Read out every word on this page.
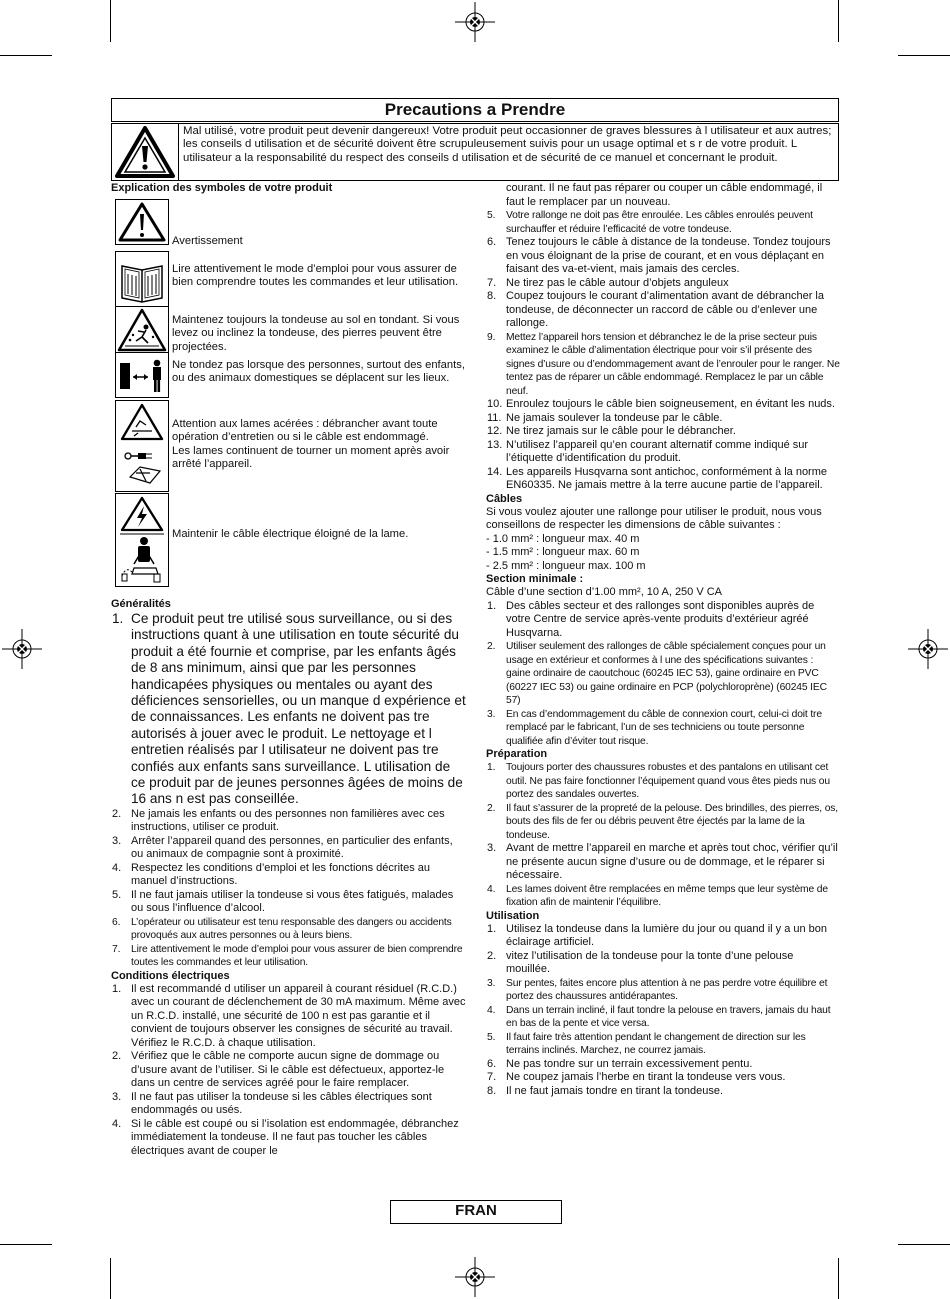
Precautions a Prendre
Mal utilisé, votre produit peut devenir dangereux! Votre produit peut occasionner de graves blessures à l utilisateur et aux autres; les conseils d utilisation et de sécurité doivent être scrupuleusement suivis pour un usage optimal et s r de votre produit. L utilisateur a la responsabilité du respect des conseils d utilisation et de sécurité de ce manuel et concernant le produit.
Explication des symboles de votre produit
Avertissement
Lire attentivement le mode d’emploi pour vous assurer de bien comprendre toutes les commandes et leur utilisation.
Maintenez toujours la tondeuse au sol en tondant. Si vous levez ou inclinez la tondeuse, des pierres peuvent être projectées.
Ne tondez pas lorsque des personnes, surtout des enfants, ou des animaux domestiques se déplacent sur les lieux.
Attention aux lames acérées : débrancher avant toute opération d’entretien ou si le câble est endommagé.
Les lames continuent de tourner un moment après avoir arrêté l’appareil.
Maintenir le câble électrique éloigné de la lame.
Généralités
1. Ce produit peut tre utilisé sous surveillance, ou si des instructions quant à une utilisation en toute sécurité du produit a été fournie et comprise, par les enfants âgés de 8 ans minimum, ainsi que par les personnes handicapées physiques ou mentales ou ayant des déficiences sensorielles, ou un manque d expérience et de connaissances. Les enfants ne doivent pas tre autorisés à jouer avec le produit. Le nettoyage et l entretien réalisés par l utilisateur ne doivent pas tre confiés aux enfants sans surveillance. L utilisation de ce produit par de jeunes personnes âgées de moins de 16 ans n est pas conseillée.
2. Ne jamais les enfants ou des personnes non familières avec ces instructions, utiliser ce produit.
3. Arrêter l’appareil quand des personnes, en particulier des enfants, ou animaux de compagnie sont à proximité.
4. Respectez les conditions d’emploi et les fonctions décrites au manuel d’instructions.
5. Il ne faut jamais utiliser la tondeuse si vous êtes fatigués, malades ou sous l’influence d’alcool.
6. L’opérateur ou utilisateur est tenu responsable des dangers ou accidents provoqués aux autres personnes ou à leurs biens.
7. Lire attentivement le mode d’emploi pour vous assurer de bien comprendre toutes les commandes et leur utilisation.
Conditions électriques
1. Il est recommandé d utiliser un appareil à courant résiduel (R.C.D.) avec un courant de déclenchement de 30 mA maximum. Même avec un R.C.D. installé, une sécurité de 100 n est pas garantie et il convient de toujours observer les consignes de sécurité au travail. Vérifiez le R.C.D. à chaque utilisation.
2. Vérifiez que le câble ne comporte aucun signe de dommage ou d’usure avant de l’utiliser. Si le câble est défectueux, apportez-le dans un centre de services agréé pour le faire remplacer.
3. Il ne faut pas utiliser la tondeuse si les câbles électriques sont endommagés ou usés.
4. Si le câble est coupé ou si l’isolation est endommagée, débranchez immédiatement la tondeuse. Il ne faut pas toucher les câbles électriques avant de couper le
courant. Il ne faut pas réparer ou couper un câble endommagé, il faut le remplacer par un nouveau.
5. Votre rallonge ne doit pas être enroulée. Les câbles enroulés peuvent surchauffer et réduire l’efficacité de votre tondeuse.
6. Tenez toujours le câble à distance de la tondeuse. Tondez toujours en vous éloignant de la prise de courant, et en vous déplaçant en faisant des va-et-vient, mais jamais des cercles.
7. Ne tirez pas le câble autour d’objets anguleux
8. Coupez toujours le courant d’alimentation avant de débrancher la tondeuse, de déconnecter un raccord de câble ou d’enlever une rallonge.
9. Mettez l’appareil hors tension et débranchez le de la prise secteur puis examinez le câble d’alimentation électrique pour voir s’il présente des signes d’usure ou d’endommagement avant de l’enrouler pour le ranger. Ne tentez pas de réparer un câble endommagé. Remplacez le par un câble neuf.
10. Enroulez toujours le câble bien soigneusement, en évitant les nuds.
11. Ne jamais soulever la tondeuse par le câble.
12. Ne tirez jamais sur le câble pour le débrancher.
13. N’utilisez l’appareil qu’en courant alternatif comme indiqué sur l’étiquette d’identification du produit.
14. Les appareils Husqvarna sont antichoc, conformément à la norme EN60335. Ne jamais mettre à la terre aucune partie de l’appareil.
Câbles
Si vous voulez ajouter une rallonge pour utiliser le produit, nous vous conseillons de respecter les dimensions de câble suivantes :
- 1.0 mm² : longueur max. 40 m
- 1.5 mm² : longueur max. 60 m
- 2.5 mm² : longueur max. 100 m
Section minimale :
Câble d’une section d’1.00 mm², 10 A, 250 V CA
1. Des câbles secteur et des rallonges sont disponibles auprès de votre Centre de service après-vente produits d’extérieur agréé Husqvarna.
2. Utiliser seulement des rallonges de câble spécialement conçues pour un usage en extérieur et conformes à l une des spécifications suivantes : gaine ordinaire de caoutchouc (60245 IEC 53), gaine ordinaire en PVC (60227 IEC 53) ou gaine ordinaire en PCP (polychloroprène) (60245 IEC 57)
3. En cas d’endommagement du câble de connexion court, celui-ci doit tre remplacé par le fabricant, l’un de ses techniciens ou toute personne qualifiée afin d’éviter tout risque.
Préparation
1. Toujours porter des chaussures robustes et des pantalons en utilisant cet outil. Ne pas faire fonctionner l’équipement quand vous êtes pieds nus ou portez des sandales ouvertes.
2. Il faut s’assurer de la propreté de la pelouse. Des brindilles, des pierres, os, bouts des fils de fer ou débris peuvent être éjectés par la lame de la tondeuse.
3. Avant de mettre l’appareil en marche et après tout choc, vérifier qu’il ne présente aucun signe d’usure ou de dommage, et le réparer si nécessaire.
4. Les lames doivent être remplacées en même temps que leur système de fixation afin de maintenir l’équilibre.
Utilisation
1. Utilisez la tondeuse dans la lumière du jour ou quand il y a un bon éclairage artificiel.
2. vitez l’utilisation de la tondeuse pour la tonte d’une pelouse mouillée.
3. Sur pentes, faites encore plus attention à ne pas perdre votre équilibre et portez des chaussures antidérapantes.
4. Dans un terrain incliné, il faut tondre la pelouse en travers, jamais du haut en bas de la pente et vice versa.
5. Il faut faire très attention pendant le changement de direction sur les terrains inclinés. Marchez, ne courrez jamais.
6. Ne pas tondre sur un terrain excessivement pentu.
7. Ne coupez jamais l’herbe en tirant la tondeuse vers vous.
8. Il ne faut jamais tondre en tirant la tondeuse.
FRAN
